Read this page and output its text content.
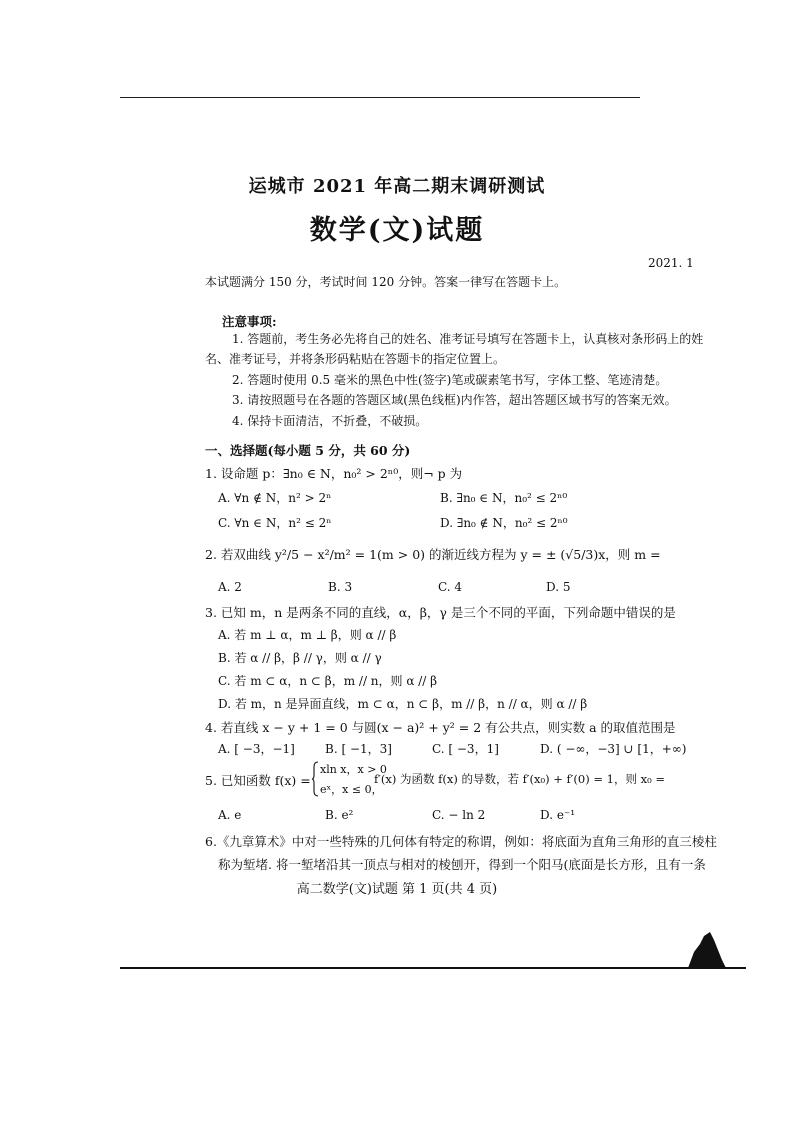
运城市 2021 年高二期末调研测试
数学(文)试题
2021. 1
本试题满分 150 分，考试时间 120 分钟。答案一律写在答题卡上。
注意事项:
1. 答题前，考生务必先将自己的姓名、准考证号填写在答题卡上，认真核对条形码上的姓
名、准考证号，并将条形码粘贴在答题卡的指定位置上。
2. 答题时使用 0.5 毫米的黑色中性(签字)笔或碳素笔书写，字体工整、笔迹清楚。
3. 请按照题号在各题的答题区域(黑色线框)内作答，超出答题区域书写的答案无效。
4. 保持卡面清洁，不折叠，不破损。
一、选择题(每小题 5 分，共 60 分)
1. 设命题 p：∃n₀ ∈ N，n₀² > 2ⁿ⁰，则¬ p 为
A. ∀n ∉ N，n² > 2ⁿ	B. ∃n₀ ∈ N，n₀² ≤ 2ⁿ⁰
C. ∀n ∈ N，n² ≤ 2ⁿ	D. ∃n₀ ∉ N，n₀² ≤ 2ⁿ⁰
2. 若双曲线 y²/5 − x²/m² = 1(m > 0) 的渐近线方程为 y = ± (√5/3)x，则 m =
A. 2	B. 3	C. 4	D. 5
3. 已知 m，n 是两条不同的直线，α，β，γ 是三个不同的平面，下列命题中错误的是
A. 若 m ⊥ α，m ⊥ β，则 α // β
B. 若 α // β，β // γ，则 α // γ
C. 若 m ⊂ α，n ⊂ β，m // n，则 α // β
D. 若 m，n 是异面直线，m ⊂ α，n ⊂ β，m // β，n // α，则 α // β
4. 若直线 x − y + 1 = 0 与圆(x − a)² + y² = 2 有公共点，则实数 a 的取值范围是
A. [ −3，−1]	B. [ −1，3]	C. [ −3，1]	D. ( −∞，−3] ∪ [1，+∞)
5. 已知函数 f(x) =
xln x，x > 0
eˣ，x ≤ 0，
f′(x) 为函数 f(x) 的导数，若 f′(x₀) + f′(0) = 1，则 x₀ =
A. e	B. e²	C. − ln 2	D. e⁻¹
6.《九章算术》中对一些特殊的几何体有特定的称谓，例如：将底面为直角三角形的直三棱柱
称为堑堵. 将一堑堵沿其一顶点与相对的棱刨开，得到一个阳马(底面是长方形，且有一条
高二数学(文)试题 第 1 页(共 4 页)
